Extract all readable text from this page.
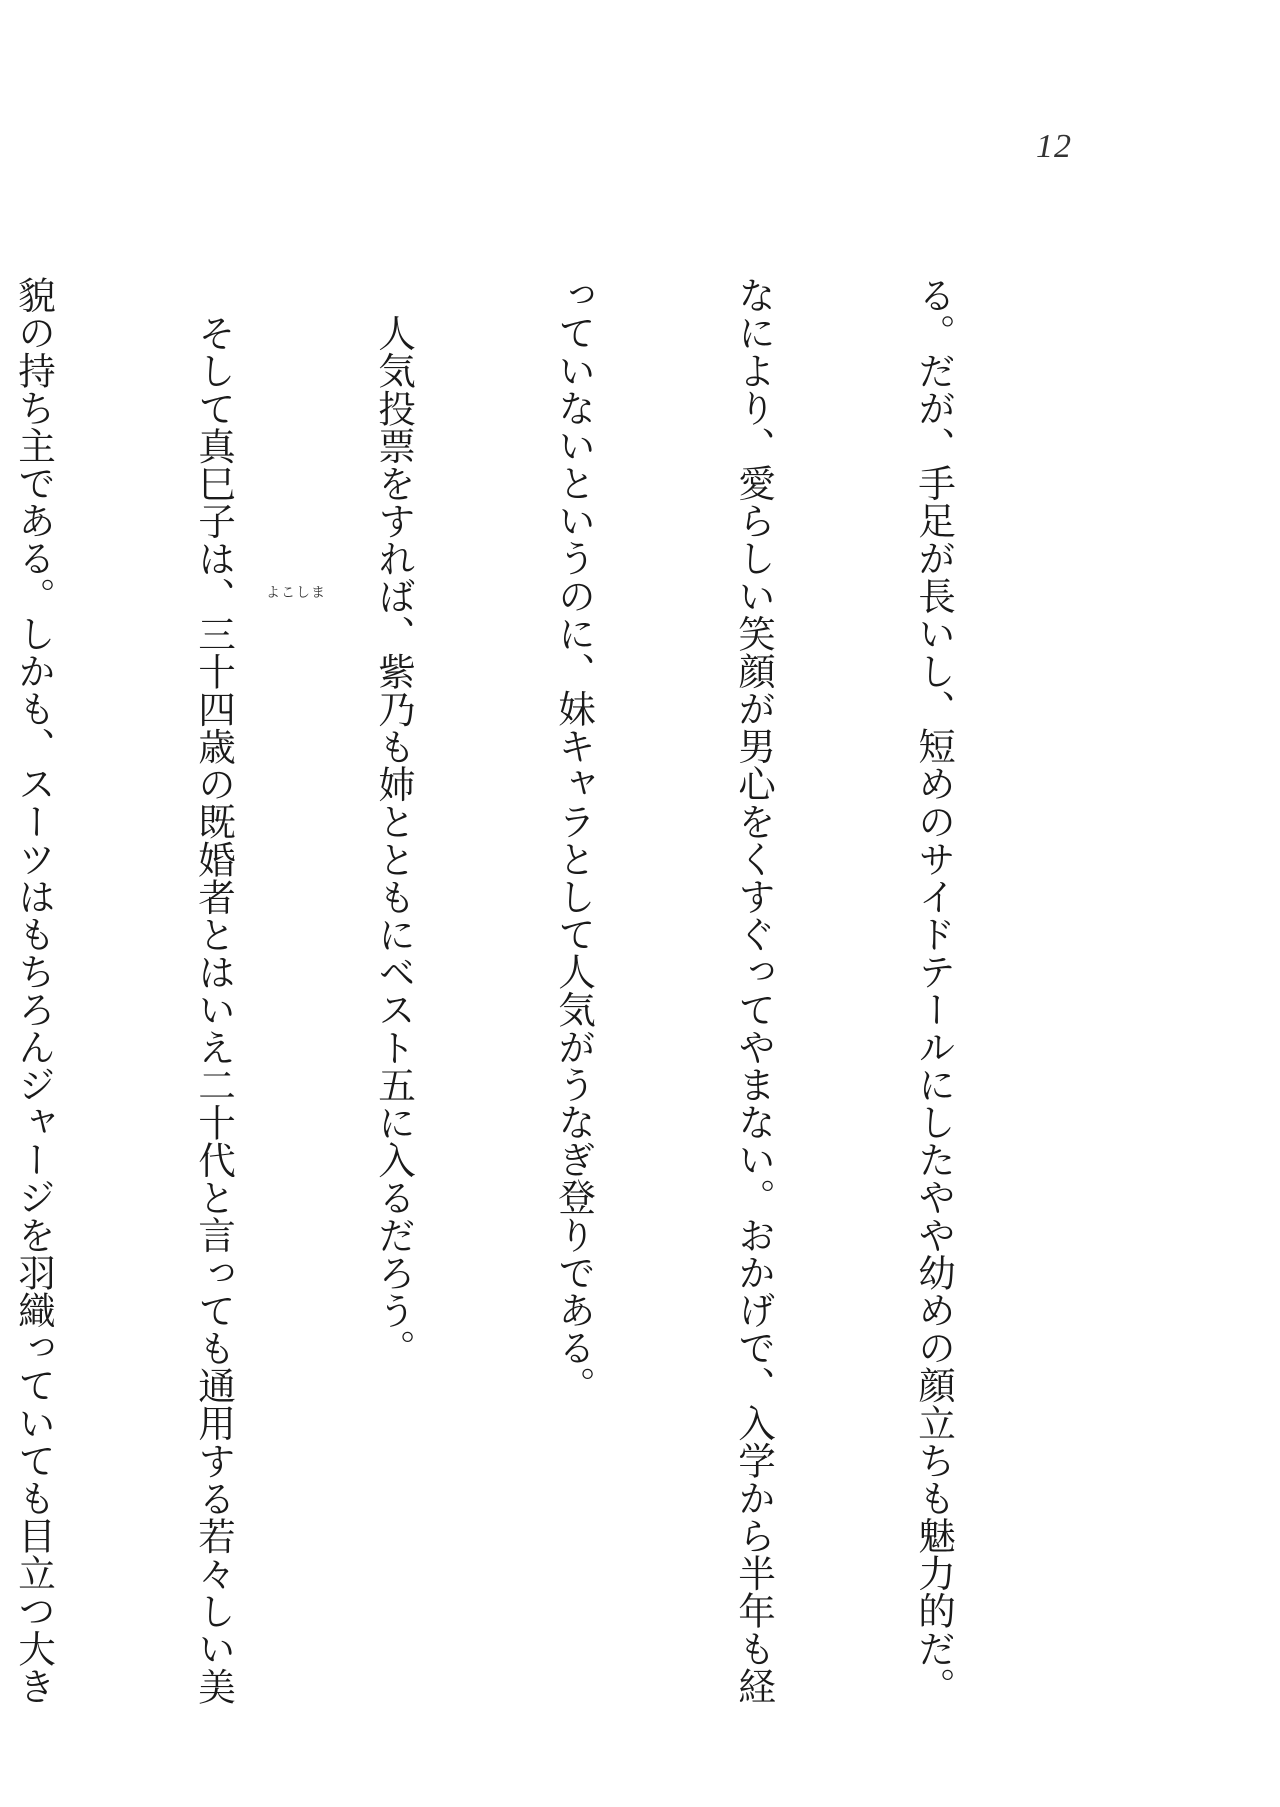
12
よこしま

	る。だが、手足が長いし、短めのサイドテールにしたやや幼めの顔立ちも魅力的だ。

なにより、愛らしい笑顔が男心をくすぐってやまない。おかげで、入学から半年も経

っていないというのに、妹キャラとして人気がうなぎ登りである。

人気投票をすれば、紫乃も姉とともにベスト五に入るだろう。

そして真巳子は、三十四歳の既婚者とはいえ二十代と言っても通用する若々しい美

貌の持ち主である。しかも、スーツはもちろんジャージを羽織っていても目立つ大き
